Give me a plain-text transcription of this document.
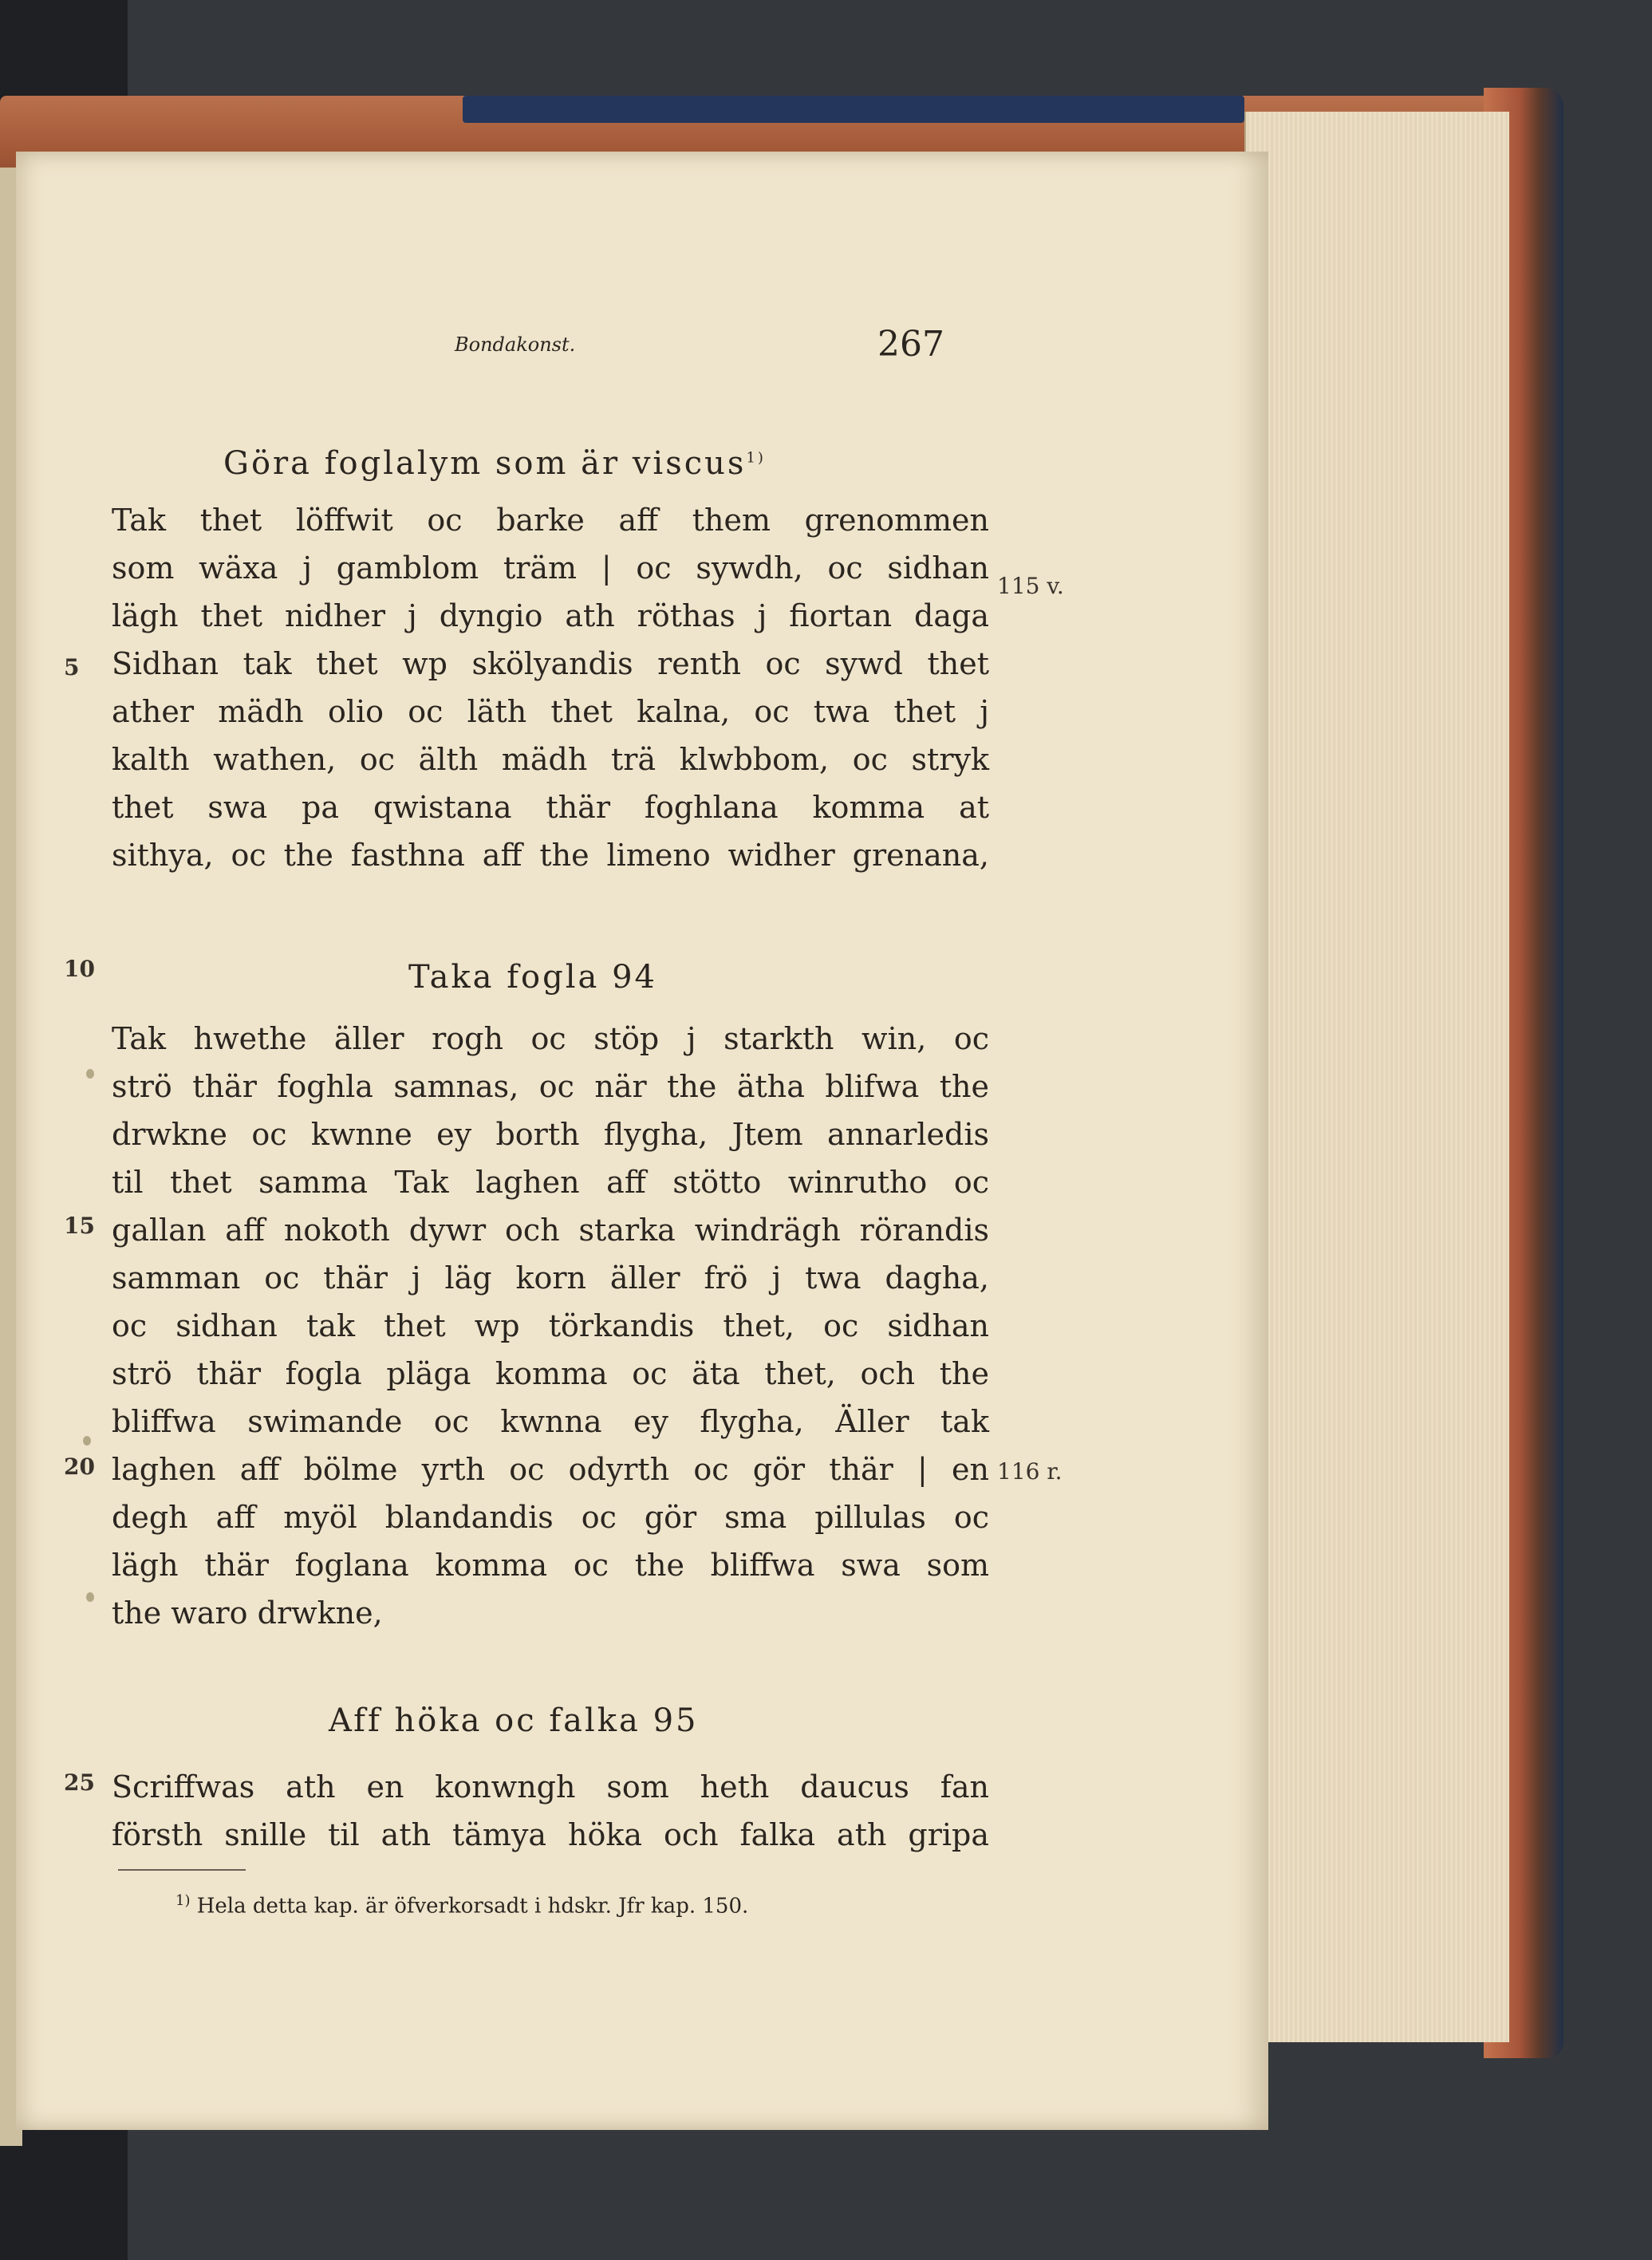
Bondakonst.	267
Göra foglalym som är viscus$^{1)}$
Tak thet löffwit oc barke aff them grenommen
som wäxa j gamblom träm | oc sywdh, oc sidhan
lägh thet nidher j dyngio ath röthas j fiortan daga
Sidhan tak thet wp skölyandis renth oc sywd thet
ather mädh olio oc läth thet kalna, oc twa thet j
kalth wathen, oc älth mädh trä klwbbom, oc stryk
thet swa pa qwistana thär foghlana komma at
sithya, oc the fasthna aff the limeno widher grenana,
Taka fogla 94
Tak hwethe äller rogh oc stöp j starkth win, oc
strö thär foghla samnas, oc när the ätha blifwa the
drwkne oc kwnne ey borth flygha, Jtem annarledis
til thet samma Tak laghen aff stötto winrutho oc
gallan aff nokoth dywr och starka windrägh rörandis
samman oc thär j läg korn äller frö j twa dagha,
oc sidhan tak thet wp törkandis thet, oc sidhan
strö thär fogla pläga komma oc äta thet, och the
bliffwa swimande oc kwnna ey flygha, Äller tak
laghen aff bölme yrth oc odyrth oc gör thär | en
degh aff myöl blandandis oc gör sma pillulas oc
lägh thär foglana komma oc the bliffwa swa som
the waro drwkne,
Aff höka oc falka 95
Scriffwas ath en konwngh som heth daucus fan
försth snille til ath tämya höka och falka ath gripa
5
10
15
20
25
115 v.
116 r.
$^{1)}$ Hela detta kap. är öfverkorsadt i hdskr. Jfr kap. 150.
